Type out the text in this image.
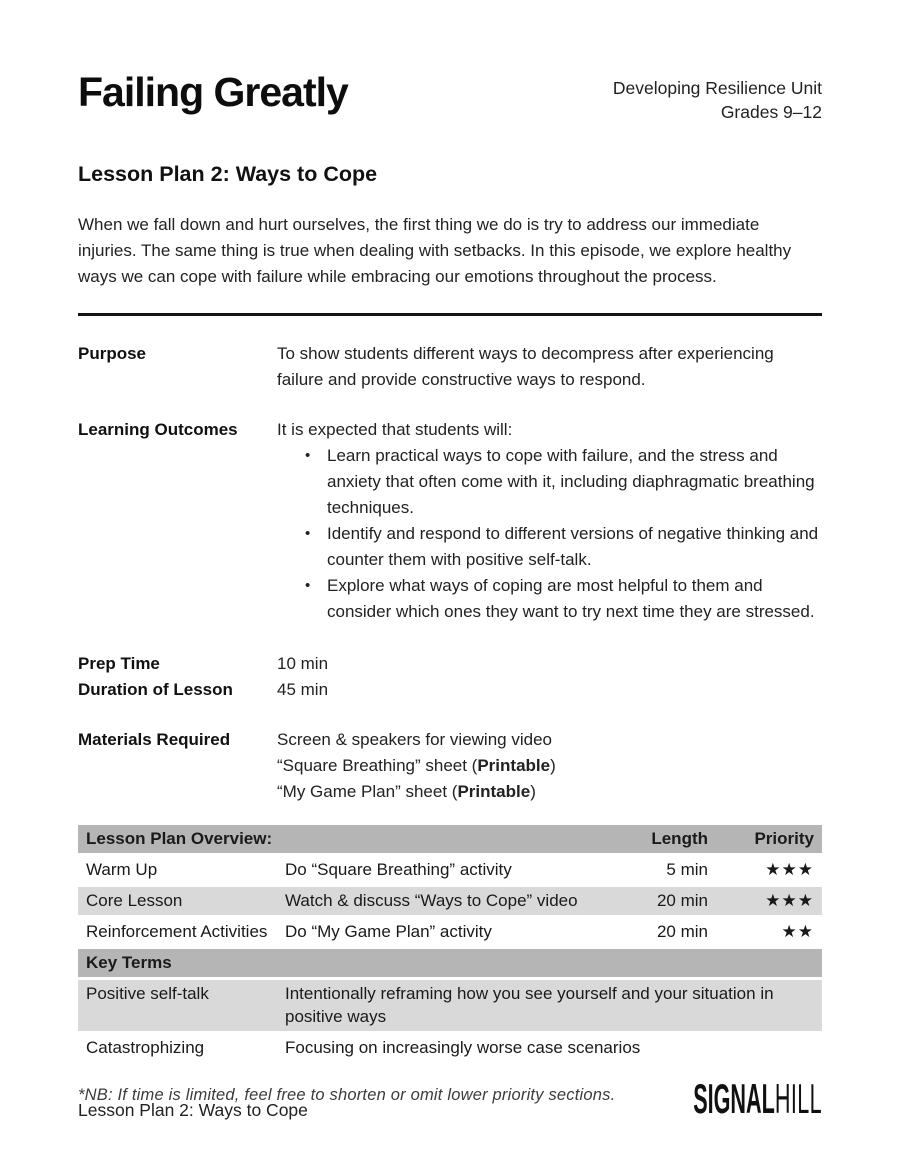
Failing Greatly	Developing Resilience Unit
Grades 9–12
Lesson Plan 2: Ways to Cope

When we fall down and hurt ourselves, the first thing we do is try to address our immediate injuries. The same thing is true when dealing with setbacks. In this episode, we explore healthy ways we can cope with failure while embracing our emotions throughout the process.

Purpose	To show students different ways to decompress after experiencing failure and provide constructive ways to respond.
Learning Outcomes	It is expected that students will:
• Learn practical ways to cope with failure, and the stress and anxiety that often come with it, including diaphragmatic breathing techniques.
• Identify and respond to different versions of negative thinking and counter them with positive self-talk.
• Explore what ways of coping are most helpful to them and consider which ones they want to try next time they are stressed.
Prep Time	10 min
Duration of Lesson	45 min
Materials Required	Screen & speakers for viewing video
“Square Breathing” sheet (Printable)
“My Game Plan” sheet (Printable)
Lesson Plan Overview:	Length	Priority
Warm Up	Do “Square Breathing” activity	5 min	★★★
Core Lesson	Watch & discuss “Ways to Cope” video	20 min	★★★
Reinforcement Activities	Do “My Game Plan” activity	20 min	★★
Key Terms
Positive self-talk	Intentionally reframing how you see yourself and your situation in positive ways
Catastrophizing	Focusing on increasingly worse case scenarios
*NB: If time is limited, feel free to shorten or omit lower priority sections.
Lesson Plan 2: Ways to Cope	SIGNALHILL
